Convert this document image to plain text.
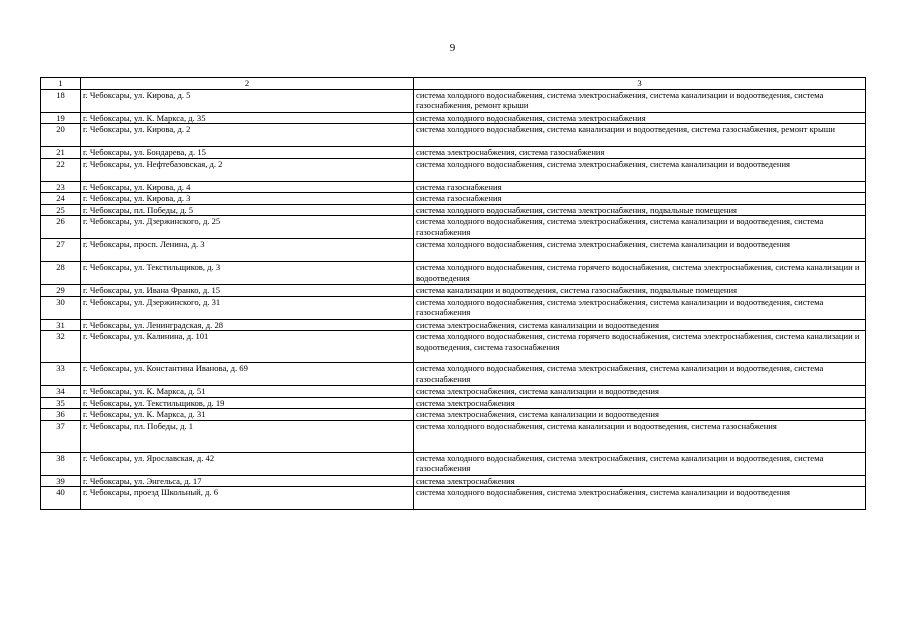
9
1	2	3
18	г. Чебоксары, ул. Кирова, д. 5	система холодного водоснабжения, система электроснабжения, система канализации и водоотведения, система газоснабжения, ремонт крыши
19	г. Чебоксары, ул. К. Маркса, д. 35	система холодного водоснабжения, система электроснабжения
20	г. Чебоксары, ул. Кирова, д. 2	система холодного водоснабжения, система канализации и водоотведения, система газоснабжения, ремонт крыши
21	г. Чебоксары, ул. Бондарева, д. 15	система электроснабжения, система газоснабжения
22	г. Чебоксары, ул. Нефтебазовская, д. 2	система холодного водоснабжения, система электроснабжения, система канализации и водоотведения
23	г. Чебоксары, ул. Кирова, д. 4	система газоснабжения
24	г. Чебоксары, ул. Кирова, д. 3	система газоснабжения
25	г. Чебоксары, пл. Победы, д. 5	система холодного водоснабжения, система электроснабжения, подвальные помещения
26	г. Чебоксары, ул. Дзержинского, д. 25	система холодного водоснабжения, система электроснабжения, система канализации и водоотведения, система газоснабжения
27	г. Чебоксары, просп. Ленина, д. 3	система холодного водоснабжения, система электроснабжения, система канализации и водоотведения
28	г. Чебоксары, ул. Текстильщиков, д. 3	система холодного водоснабжения, система горячего водоснабжения, система электроснабжения, система канализации и водоотведения
29	г. Чебоксары, ул. Ивана Франко, д. 15	система канализации и водоотведения, система газоснабжения, подвальные помещения
30	г. Чебоксары, ул. Дзержинского, д. 31	система холодного водоснабжения, система электроснабжения, система канализации и водоотведения, система газоснабжения
31	г. Чебоксары, ул. Ленинградская, д. 28	система электроснабжения, система канализации и водоотведения
32	г. Чебоксары, ул. Калинина, д. 101	система холодного водоснабжения, система горячего водоснабжения, система электроснабжения, система канализации и водоотведения, система газоснабжения
33	г. Чебоксары, ул. Константина Иванова, д. 69	система холодного водоснабжения, система электроснабжения, система канализации и водоотведения, система газоснабжения
34	г. Чебоксары, ул. К. Маркса, д. 51	система электроснабжения, система канализации и водоотведения
35	г. Чебоксары, ул. Текстильщиков, д. 19	система электроснабжения
36	г. Чебоксары, ул. К. Маркса, д. 31	система электроснабжения, система канализации и водоотведения
37	г. Чебоксары, пл. Победы, д. 1	система холодного водоснабжения, система канализации и водоотведения, система газоснабжения
38	г. Чебоксары, ул. Ярославская, д. 42	система холодного водоснабжения, система электроснабжения, система канализации и водоотведения, система газоснабжения
39	г. Чебоксары, ул. Энгельса, д. 17	система электроснабжения
40	г. Чебоксары, проезд Школьный, д. 6	система холодного водоснабжения, система электроснабжения, система канализации и водоотведения
